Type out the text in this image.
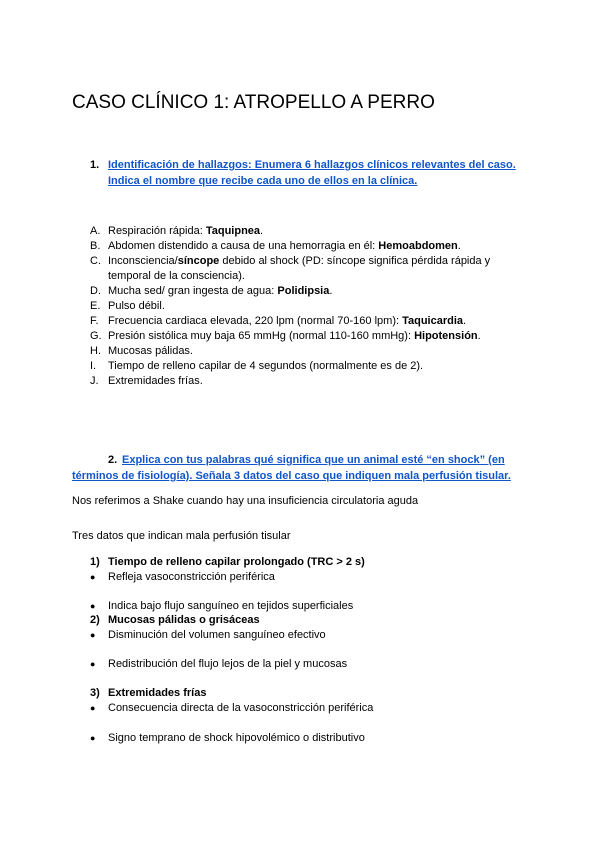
CASO CLÍNICO 1: ATROPELLO A PERRO
1. Identificación de hallazgos: Enumera 6 hallazgos clínicos relevantes del caso.
Indica el nombre que recibe cada uno de ellos en la clínica.
A. Respiración rápida: Taquipnea.
B. Abdomen distendido a causa de una hemorragia en él: Hemoabdomen.
C. Inconsciencia/síncope debido al shock (PD: síncope significa pérdida rápida y temporal de la consciencia).
D. Mucha sed/ gran ingesta de agua: Polidipsia.
E. Pulso débil.
F. Frecuencia cardiaca elevada, 220 lpm (normal 70-160 lpm): Taquicardia.
G. Presión sistólica muy baja 65 mmHg (normal 110-160 mmHg): Hipotensión.
H. Mucosas pálidas.
I. Tiempo de relleno capilar de 4 segundos (normalmente es de 2).
J. Extremidades frías.
2. Explica con tus palabras qué significa que un animal esté “en shock” (en
términos de fisiología). Señala 3 datos del caso que indiquen mala perfusión tisular.
Nos referimos a Shake cuando hay una insuficiencia circulatoria aguda
Tres datos que indican mala perfusión tisular
1) Tiempo de relleno capilar prolongado (TRC > 2 s)
● Refleja vasoconstricción periférica
● Indica bajo flujo sanguíneo en tejidos superficiales
2) Mucosas pálidas o grisáceas
● Disminución del volumen sanguíneo efectivo
● Redistribución del flujo lejos de la piel y mucosas
3) Extremidades frías
● Consecuencia directa de la vasoconstricción periférica
● Signo temprano de shock hipovolémico o distributivo
